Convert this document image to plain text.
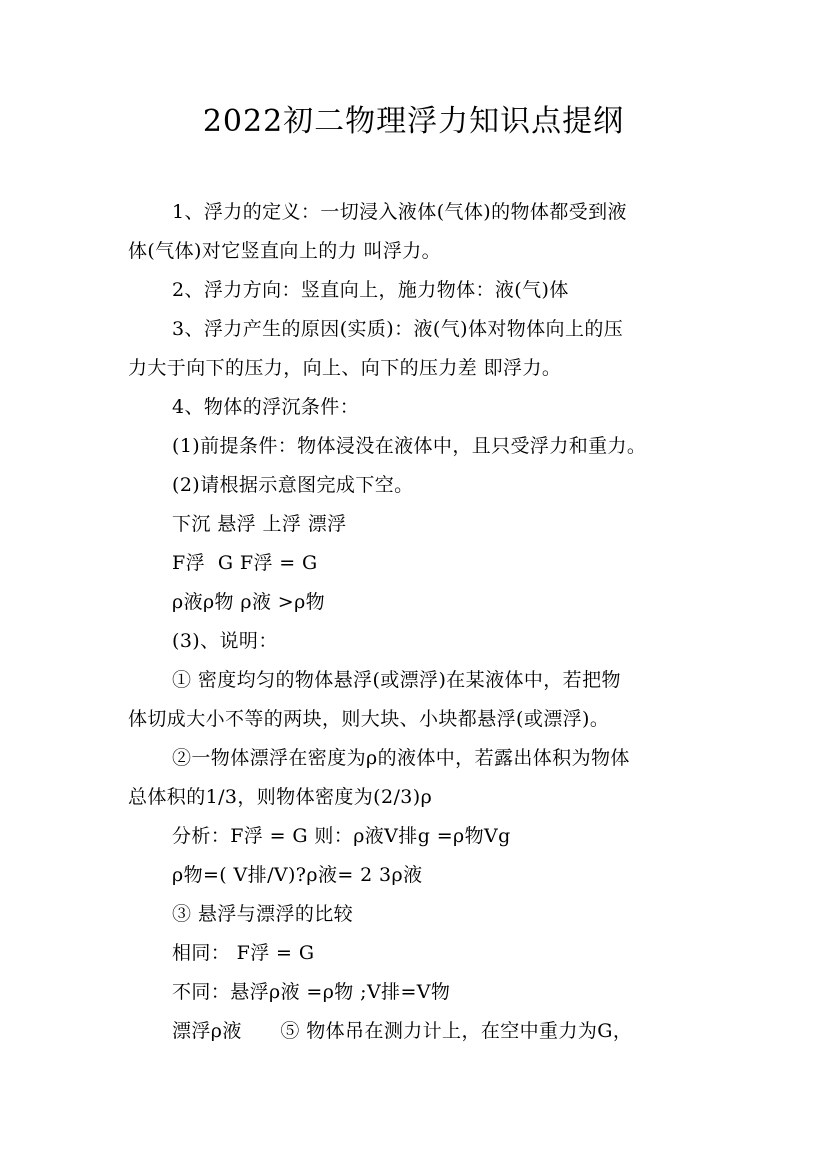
2022初二物理浮力知识点提纲
1、浮力的定义：一切浸入液体(气体)的物体都受到液
体(气体)对它竖直向上的力 叫浮力。
2、浮力方向：竖直向上，施力物体：液(气)体
3、浮力产生的原因(实质)：液(气)体对物体向上的压
力大于向下的压力，向上、向下的压力差 即浮力。
4、物体的浮沉条件：
(1)前提条件：物体浸没在液体中，且只受浮力和重力。
(2)请根据示意图完成下空。
下沉 悬浮 上浮 漂浮
F浮  G F浮 = G
ρ液ρ物 ρ液 >ρ物
(3)、说明：
① 密度均匀的物体悬浮(或漂浮)在某液体中，若把物
体切成大小不等的两块，则大块、小块都悬浮(或漂浮)。
②一物体漂浮在密度为ρ的液体中，若露出体积为物体
总体积的1/3，则物体密度为(2/3)ρ
分析：F浮 = G 则：ρ液V排g =ρ物Vg
ρ物=( V排/V)?ρ液= 2 3ρ液
③ 悬浮与漂浮的比较
相同： F浮 = G
不同：悬浮ρ液 =ρ物 ;V排=V物
漂浮ρ液      ⑤ 物体吊在测力计上，在空中重力为G，
